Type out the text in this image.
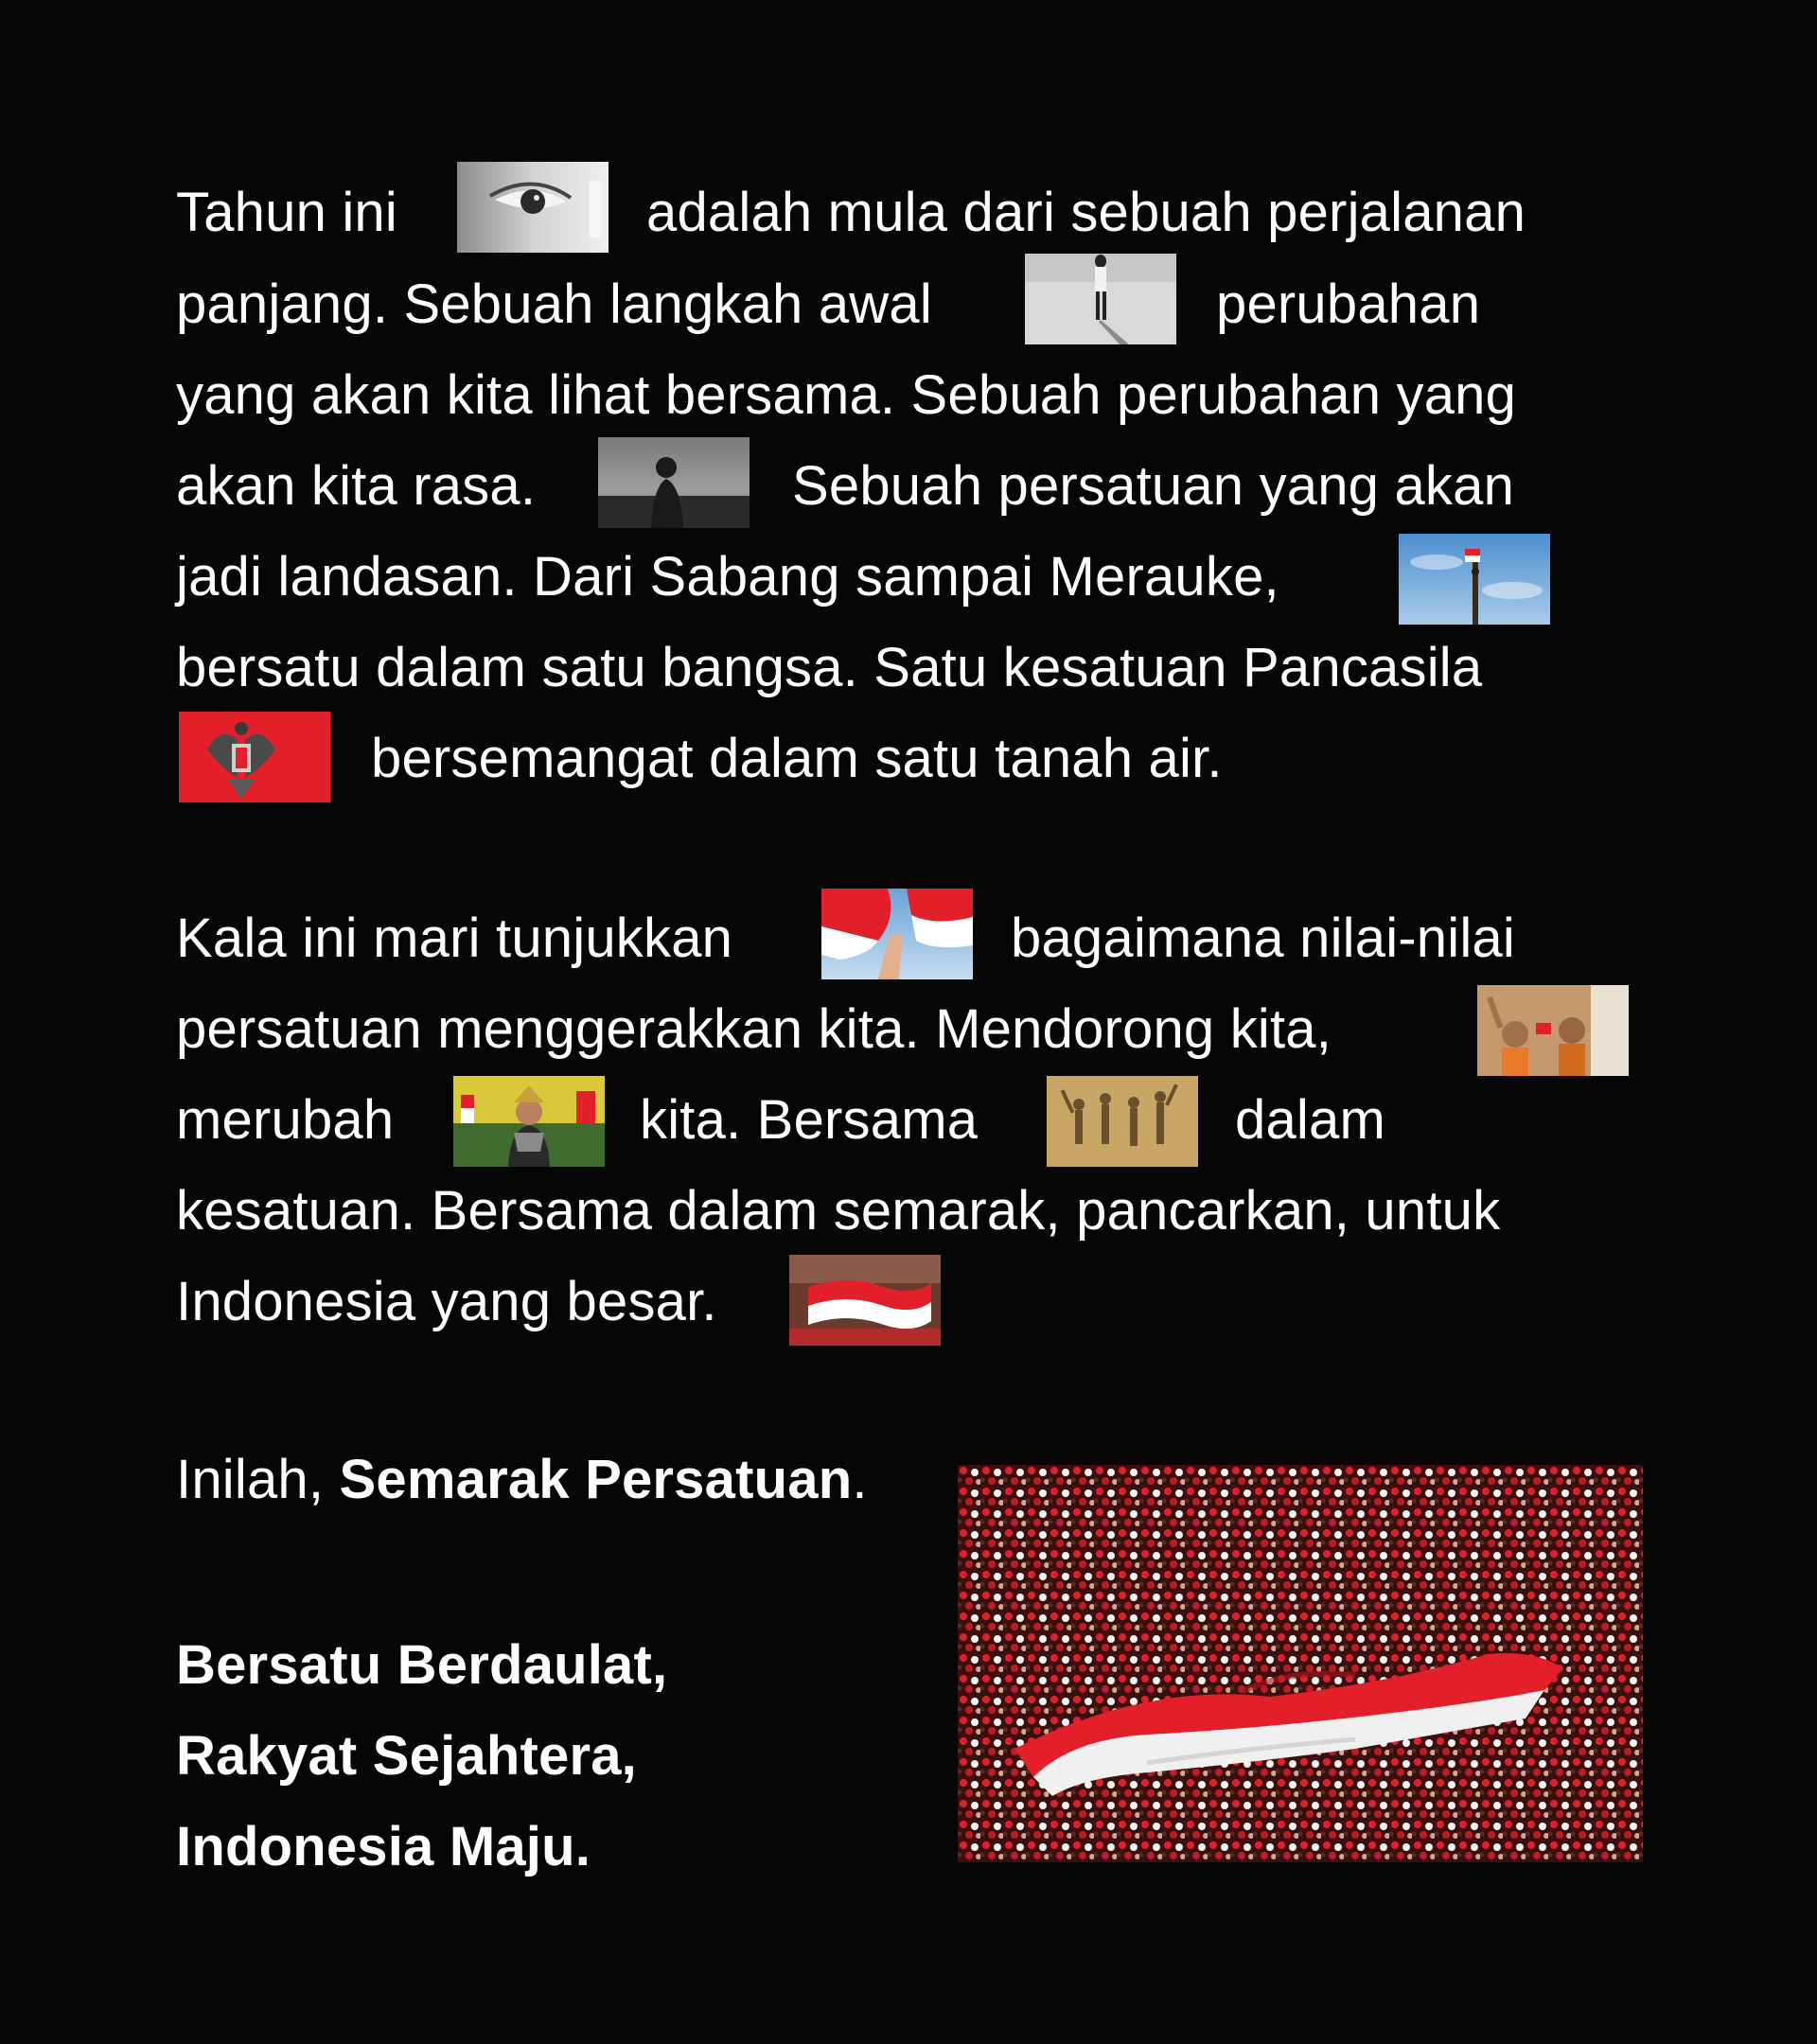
Tahun ini	adalah mula dari sebuah perjalanan
panjang. Sebuah langkah awal	perubahan
yang akan kita lihat bersama. Sebuah perubahan yang
akan kita rasa.	Sebuah persatuan yang akan
jadi landasan. Dari Sabang sampai Merauke,
bersatu dalam satu bangsa. Satu kesatuan Pancasila
bersemangat dalam satu tanah air.
Kala ini mari tunjukkan	bagaimana nilai-nilai
persatuan menggerakkan kita. Mendorong kita,
merubah	kita. Bersama	dalam
kesatuan. Bersama dalam semarak, pancarkan, untuk
Indonesia yang besar.
Inilah, Semarak Persatuan.
Bersatu Berdaulat,
Rakyat Sejahtera,
Indonesia Maju.
